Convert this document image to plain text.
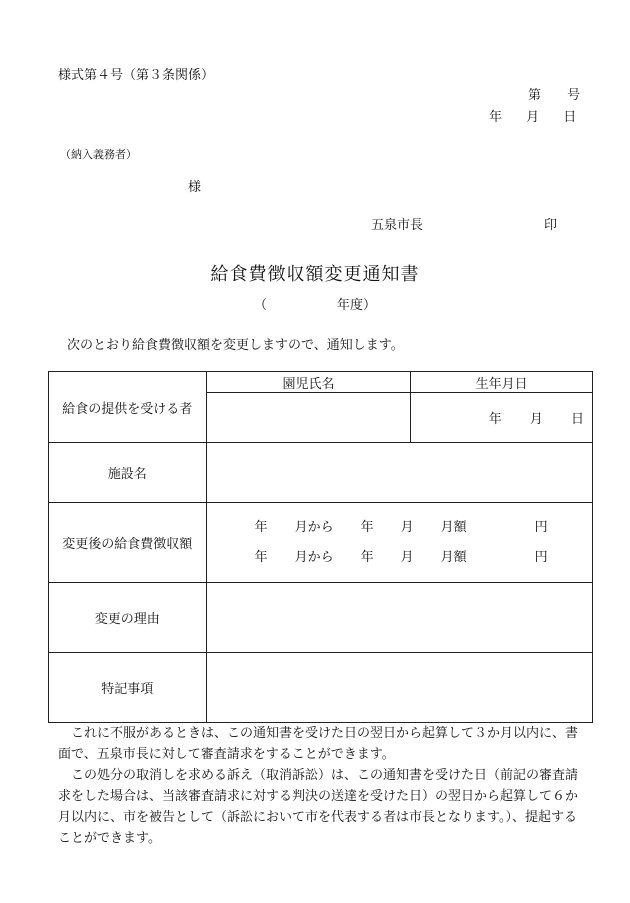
様式第４号（第３条関係）
第 号
年 月 日
（納入義務者）
様
五泉市長	印
給食費徴収額変更通知書
（	年度）
次のとおり給食費徴収額を変更しますので、通知します。
給食の提供を受ける者	園児氏名	生年月日
		年 月 日
施設名		
変更後の給食費徴収額	年 月から 年 月 月額 円
年 月から 年 月 月額 円	

変更の理由		
特記事項		

これに不服があるときは、この通知書を受けた日の翌日から起算して３か月以内に、書面で、五泉市長に対して審査請求をすることができます。

この処分の取消しを求める訴え（取消訴訟）は、この通知書を受けた日（前記の審査請求をした場合は、当該審査請求に対する判決の送達を受けた日）の翌日から起算して６か月以内に、市を被告として（訴訟において市を代表する者は市長となります。）、提起することができます。
